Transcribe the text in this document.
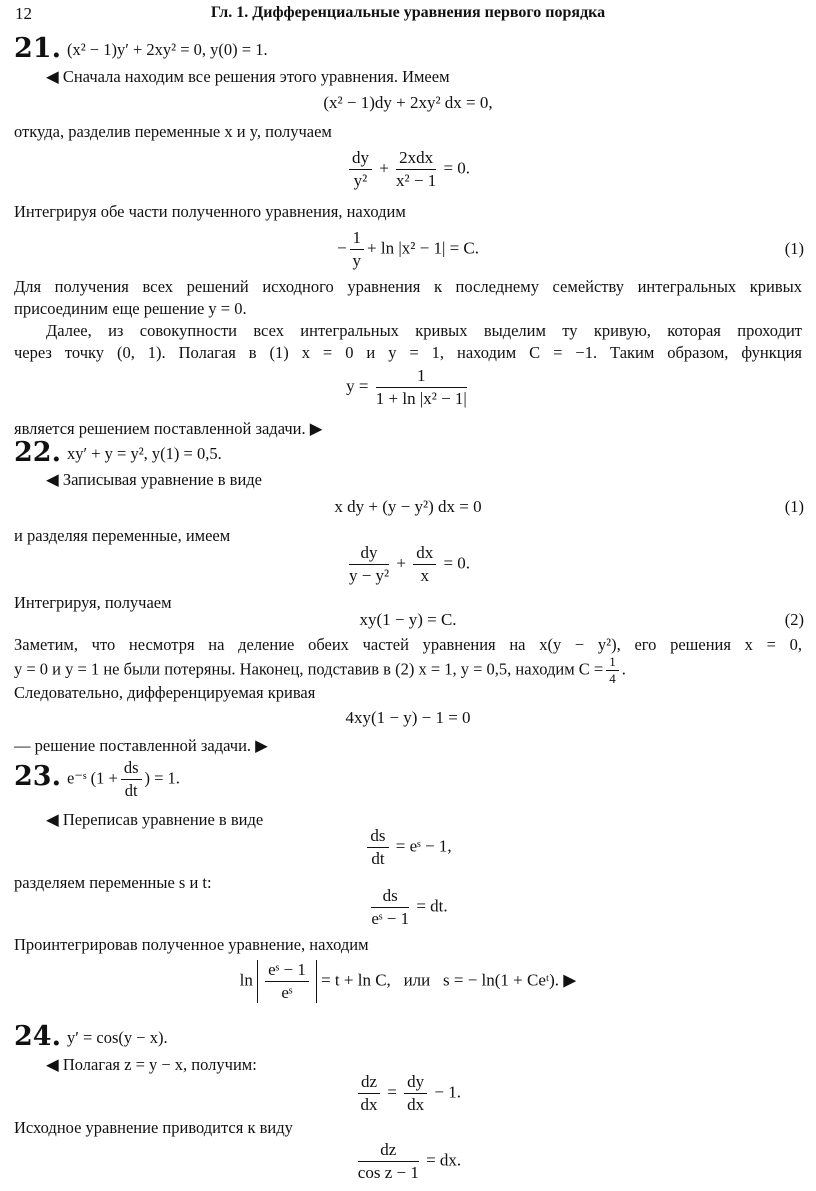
12	Гл. 1. Дифференциальные уравнения первого порядка
21. (x² − 1)y′ + 2xy² = 0, y(0) = 1.
◀ Сначала находим все решения этого уравнения. Имеем
(x² − 1)dy + 2xy² dx = 0,
откуда, разделив переменные x и y, получаем
$\frac{dy}{\text{y²}}$ +
2xdx
x² − 1
= 0.
Интегрируя обе части полученного уравнения, находим
− $\frac{1}{y} + \ln |x^2 - 1| = C$.	(1)
Для получения всех решений исходного уравнения к последнему семейству интегральных кривых
присоединим еще решение y = 0.
Далее, из совокупности всех интегральных кривых выделим ту кривую, которая проходит
через точку (0, 1). Полагая в (1) x = 0 и y = 1, находим C = −1. Таким образом, функция
$y = \frac{1}{\text{1 + ln |x² − 1|}}$
является решением поставленной задачи. ▶
22. xy′ + y = y², y(1) = 0,5.
◀ Записывая уравнение в виде
x dy + (y − y²) dx = 0	(1)
и разделяя переменные, имеем
$\frac{dy}{\text{y − y²}} + \frac{dx}{x} = 0$.
Интегрируя, получаем
xy(1 − y) = C.	(2)
Заметим, что несмотря на деление обеих частей уравнения на x(y − y²), его решения x = 0,
y = 0 и y = 1 не были потеряны. Наконец, подставив в (2) x = 1, y = 0,5, находим $C = \frac{1}{4}$ .
Следовательно, дифференцируемая кривая
4xy(1 − y) − 1 = 0
— решение поставленной задачи. ▶
23. e⁻ˢ ($1 + \frac{ds}{dt}$ ) = 1.
◀ Переписав уравнение в виде
$\frac{ds}{dt}$ = eˢ − 1,
разделяем переменные s и t:
$\frac{ds}{\text{eˢ − 1}}$ = dt.
Проинтегрировав полученное уравнение, находим
$\ln \frac{\text{eˢ − 1}}{\text{eˢ}} = t + \ln C$, или s = − ln(1 + Ceᵗ). ▶
24. y′ = cos(y − x).
◀ Полагая z = y − x, получим:
$\frac{dz}{dx} = \frac{dy}{dx} - 1$.
Исходное уравнение приводится к виду
$\frac{dz}{\text{cos z − 1}}$ = dx.
